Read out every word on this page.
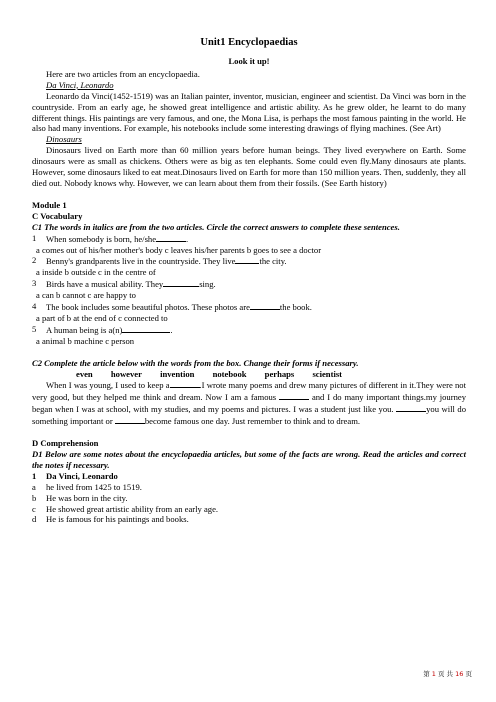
Unit1 Encyclopaedias
Look it up!

Here are two articles from an encyclopaedia.

Da Vinci, Leonardo

Leonardo da Vinci(1452-1519) was an Italian painter, inventor, musician, engineer and scientist. Da Vinci was born in the countryside. From an early age, he showed great intelligence and artistic ability. As he grew older, he learnt to do many different things. His paintings are very famous, and one, the Mona Lisa, is perhaps the most famous painting in the world. He also had many inventions. For example, his notebooks include some interesting drawings of flying machines. (See Art)

Dinosaurs

Dinosaurs lived on Earth more than 60 million years before human beings. They lived everywhere on Earth. Some dinosaurs were as small as chickens. Others were as big as ten elephants. Some could even fly.Many dinosaurs ate plants. However, some dinosaurs liked to eat meat.Dinosaurs lived on Earth for more than 150 million years. Then, suddenly, they all died out. Nobody knows why. However, we can learn about them from their fossils. (See Earth history)

Module 1
C Vocabulary

C1 The words in italics are from the two articles. Circle the correct answers to complete these sentences.

1	When somebody is born, he/she	.
a comes out of his/her mother's body c leaves his/her parents b goes to see a doctor
2	Benny's grandparents live in the countryside. They live	the city.
a inside b outside c in the centre of
3	Birds have a musical ability. They	sing.
a can b cannot c are happy to
4	The book includes some beautiful photos. These photos are	the book.
a part of b at the end of c connected to
5	A human being is a(n)	.
a animal b machine c person

C2 Complete the article below with the words from the box. Change their forms if necessary.

even however invention notebook perhaps scientist

When I was young, I used to keep a	.I wrote many poems and drew many pictures of different in it.They were not very good, but they helped me think and dream. Now I am a famous	and I do many important things.my journey began when I was at school, with my studies, and my poems and pictures. I was a student just like you.	you will do something important or	become famous one day. Just remember to think and to dream.

D Comprehension

D1 Below are some notes about the encyclopaedia articles, but some of the facts are wrong. Read the articles and correct the notes if necessary.

1	Da Vinci, Leonardo
a	he lived from 1425 to 1519.
b	He was born in the city.
c	He showed great artistic ability from an early age.
d	He is famous for his paintings and books.
第 1 页 共 16 页
